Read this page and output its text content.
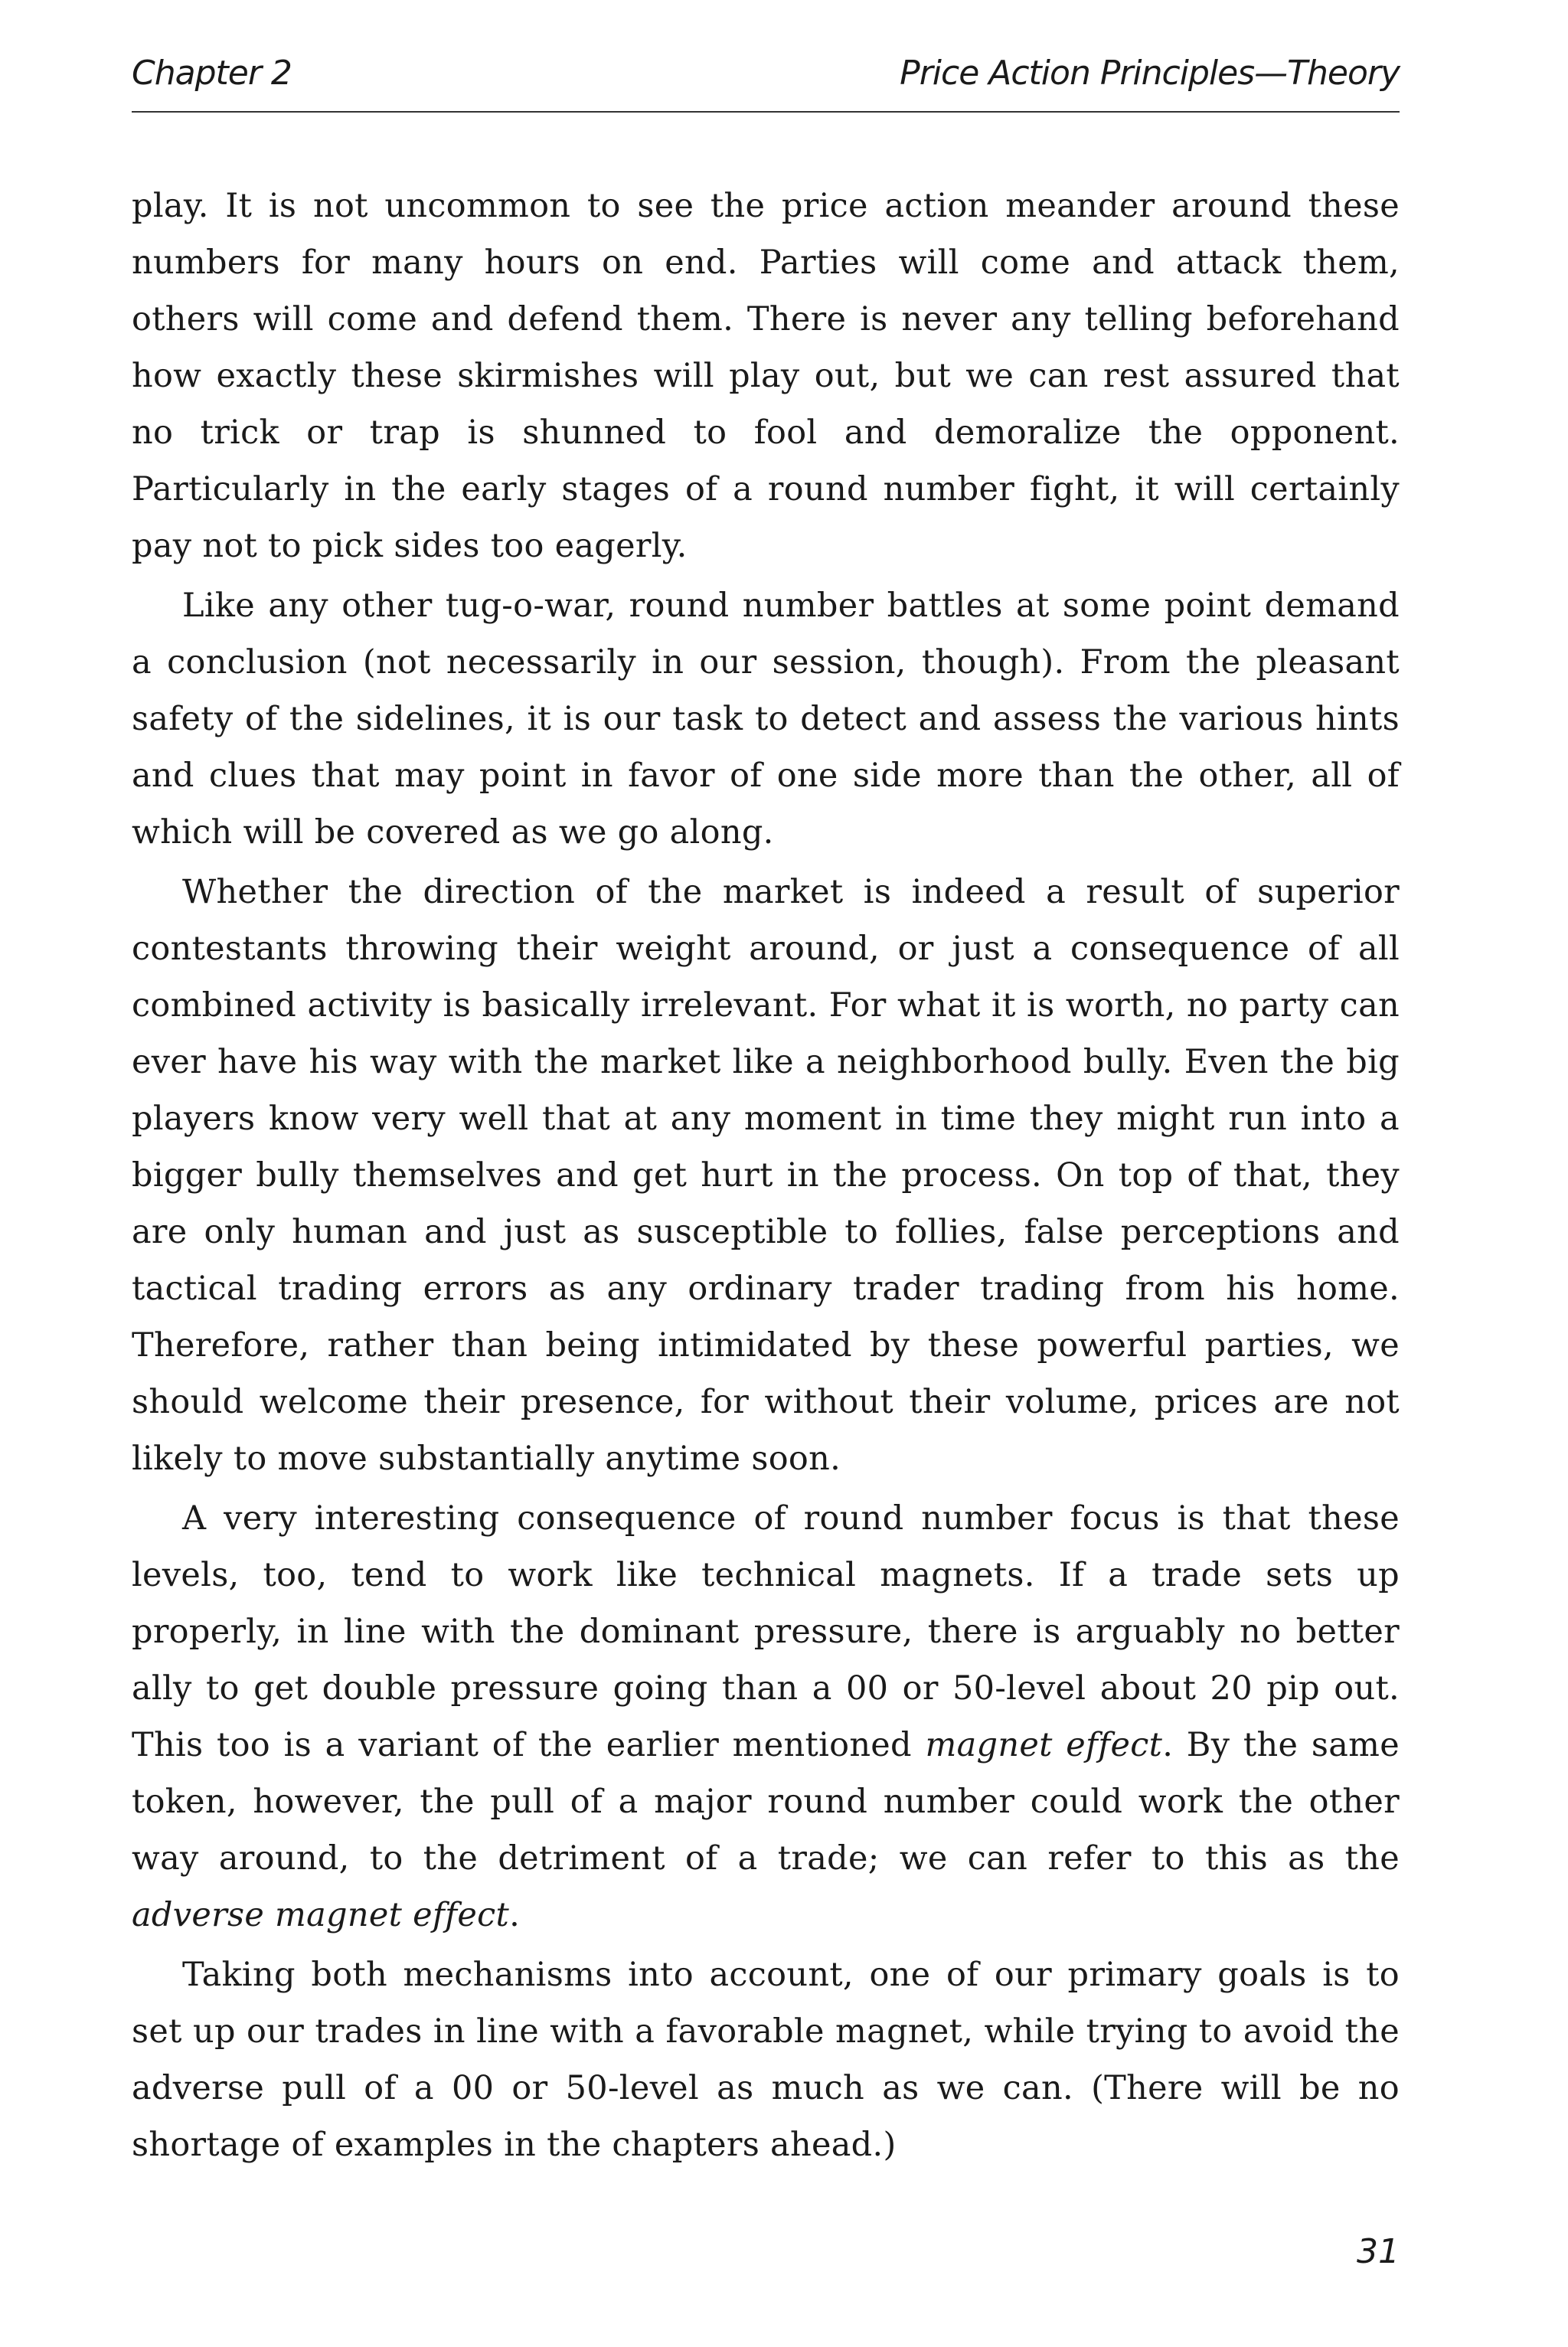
Chapter 2	Price Action Principles—Theory

play. It is not uncommon to see the price action meander around these numbers for many hours on end. Parties will come and attack them, others will come and defend them. There is never any telling beforehand how exactly these skirmishes will play out, but we can rest assured that no trick or trap is shunned to fool and demoralize the opponent. Particularly in the early stages of a round number fight, it will certainly pay not to pick sides too eagerly.

Like any other tug-o-war, round number battles at some point demand a conclusion (not necessarily in our session, though). From the pleasant safety of the sidelines, it is our task to detect and assess the various hints and clues that may point in favor of one side more than the other, all of which will be covered as we go along.

Whether the direction of the market is indeed a result of superior contestants throwing their weight around, or just a consequence of all combined activity is basically irrelevant. For what it is worth, no party can ever have his way with the market like a neighborhood bully. Even the big players know very well that at any moment in time they might run into a bigger bully themselves and get hurt in the process. On top of that, they are only human and just as susceptible to follies, false perceptions and tactical trading errors as any ordinary trader trading from his home. Therefore, rather than being intimidated by these powerful parties, we should welcome their presence, for without their volume, prices are not likely to move substantially anytime soon.

A very interesting consequence of round number focus is that these levels, too, tend to work like technical magnets. If a trade sets up properly, in line with the dominant pressure, there is arguably no better ally to get double pressure going than a 00 or 50-level about 20 pip out. This too is a variant of the earlier mentioned magnet effect. By the same token, however, the pull of a major round number could work the other way around, to the detriment of a trade; we can refer to this as the adverse magnet effect.

Taking both mechanisms into account, one of our primary goals is to set up our trades in line with a favorable magnet, while trying to avoid the adverse pull of a 00 or 50-level as much as we can. (There will be no shortage of examples in the chapters ahead.)

31
